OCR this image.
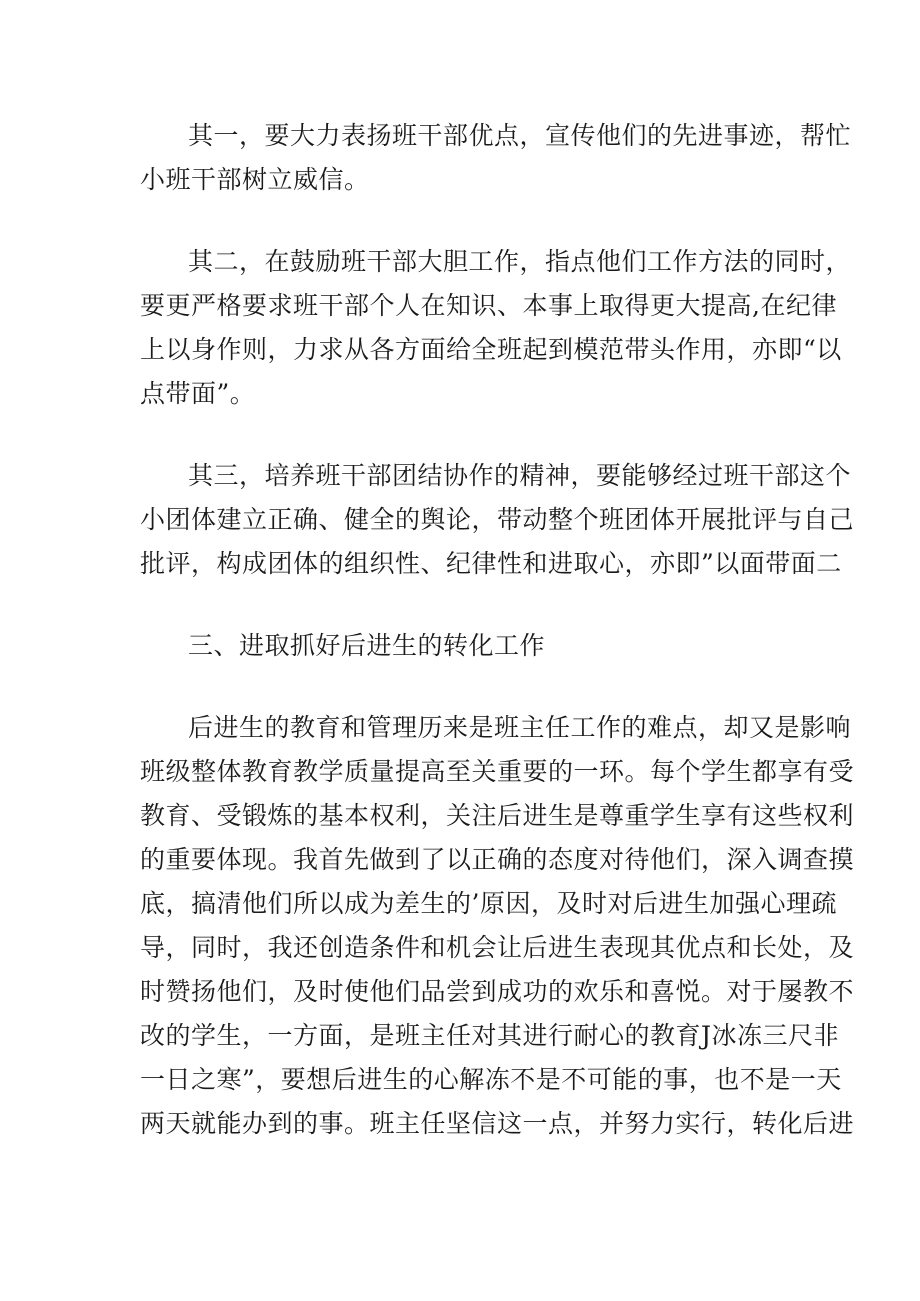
其一，要大力表扬班干部优点，宣传他们的先进事迹，帮忙
小班干部树立威信。
其二，在鼓励班干部大胆工作，指点他们工作方法的同时，
要更严格要求班干部个人在知识、本事上取得更大提高,在纪律
上以身作则，力求从各方面给全班起到模范带头作用，亦即“以
点带面”。
其三，培养班干部团结协作的精神，要能够经过班干部这个
小团体建立正确、健全的舆论，带动整个班团体开展批评与自己
批评，构成团体的组织性、纪律性和进取心，亦即”以面带面二
三、进取抓好后进生的转化工作
后进生的教育和管理历来是班主任工作的难点，却又是影响
班级整体教育教学质量提高至关重要的一环。每个学生都享有受
教育、受锻炼的基本权利，关注后进生是尊重学生享有这些权利
的重要体现。我首先做到了以正确的态度对待他们，深入调查摸
底，搞清他们所以成为差生的’原因，及时对后进生加强心理疏
导，同时，我还创造条件和机会让后进生表现其优点和长处，及
时赞扬他们，及时使他们品尝到成功的欢乐和喜悦。对于屡教不
改的学生，一方面，是班主任对其进行耐心的教育J冰冻三尺非
一日之寒”，要想后进生的心解冻不是不可能的事，也不是一天
两天就能办到的事。班主任坚信这一点，并努力实行，转化后进
